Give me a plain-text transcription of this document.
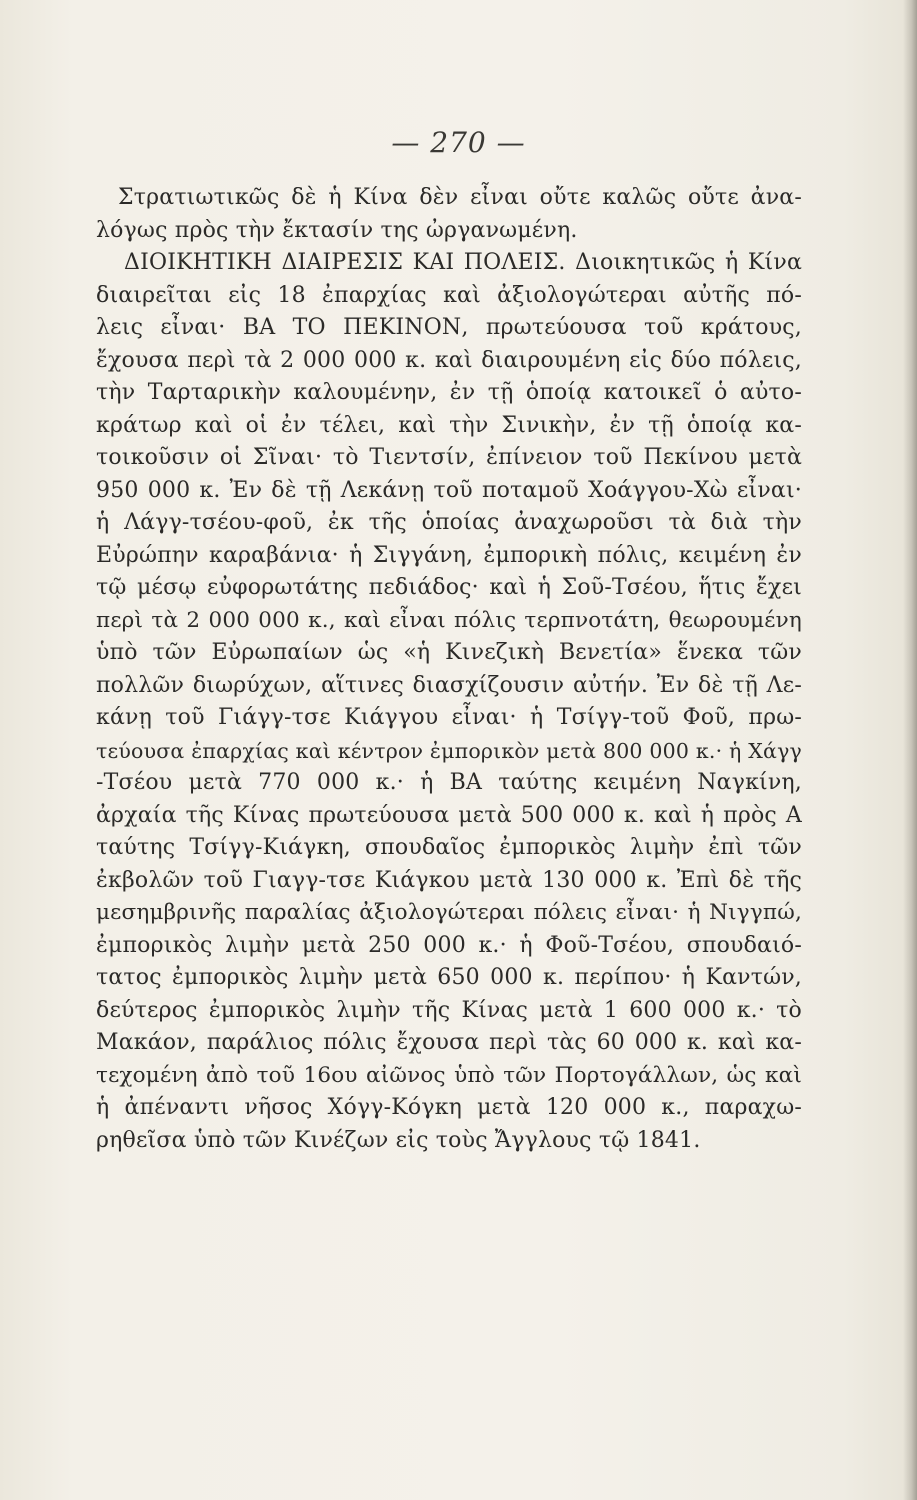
— 270 —
Στρατιωτικῶς δὲ ἡ Κίνα δὲν εἶναι οὔτε καλῶς οὔτε ἀνα-
λόγως πρὸς τὴν ἔκτασίν της ὠργανωμένη.
ΔΙΟΙΚΗΤΙΚΗ ΔΙΑΙΡΕΣΙΣ ΚΑΙ ΠΟΛΕΙΣ. Διοικητικῶς ἡ Κίνα
διαιρεῖται εἰς 18 ἐπαρχίας καὶ ἀξιολογώτεραι αὐτῆς πό-
λεις εἶναι· ΒΑ ΤΟ ΠΕΚΙΝΟΝ, πρωτεύουσα τοῦ κράτους,
ἔχουσα περὶ τὰ 2 000 000 κ. καὶ διαιρουμένη εἰς δύο πόλεις,
τὴν Ταρταρικὴν καλουμένην, ἐν τῇ ὁποίᾳ κατοικεῖ ὁ αὐτο-
κράτωρ καὶ οἱ ἐν τέλει, καὶ τὴν Σινικὴν, ἐν τῇ ὁποίᾳ κα-
τοικοῦσιν οἱ Σῖναι· τὸ Τιεντσίν, ἐπίνειον τοῦ Πεκίνου μετὰ
950 000 κ. Ἐν δὲ τῇ Λεκάνῃ τοῦ ποταμοῦ Χοάγγου-Χὼ εἶναι·
ἡ Λάγγ-τσέου-φοῦ, ἐκ τῆς ὁποίας ἀναχωροῦσι τὰ διὰ τὴν
Εὐρώπην καραβάνια· ἡ Σιγγάνη, ἐμπορικὴ πόλις, κειμένη ἐν
τῷ μέσῳ εὐφορωτάτης πεδιάδος· καὶ ἡ Σοῦ-Τσέου, ἥτις ἔχει
περὶ τὰ 2 000 000 κ., καὶ εἶναι πόλις τερπνοτάτη, θεωρουμένη
ὑπὸ τῶν Εὐρωπαίων ὡς «ἡ Κινεζικὴ Βενετία» ἕνεκα τῶν
πολλῶν διωρύχων, αἵτινες διασχίζουσιν αὐτήν. Ἐν δὲ τῇ Λε-
κάνῃ τοῦ Γιάγγ-τσε Κιάγγου εἶναι· ἡ Τσίγγ-τοῦ Φοῦ, πρω-
τεύουσα ἐπαρχίας καὶ κέντρον ἐμπορικὸν μετὰ 800 000 κ.· ἡ Χάγγ
-Τσέου μετὰ 770 000 κ.· ἡ ΒΑ ταύτης κειμένη Ναγκίνη,
ἀρχαία τῆς Κίνας πρωτεύουσα μετὰ 500 000 κ. καὶ ἡ πρὸς Α
ταύτης Τσίγγ-Κιάγκη, σπουδαῖος ἐμπορικὸς λιμὴν ἐπὶ τῶν
ἐκβολῶν τοῦ Γιαγγ-τσε Κιάγκου μετὰ 130 000 κ. Ἐπὶ δὲ τῆς
μεσημβρινῆς παραλίας ἀξιολογώτεραι πόλεις εἶναι· ἡ Νιγγπώ,
ἐμπορικὸς λιμὴν μετὰ 250 000 κ.· ἡ Φοῦ-Τσέου, σπουδαιό-
τατος ἐμπορικὸς λιμὴν μετὰ 650 000 κ. περίπου· ἡ Καντών,
δεύτερος ἐμπορικὸς λιμὴν τῆς Κίνας μετὰ 1 600 000 κ.· τὸ
Μακάον, παράλιος πόλις ἔχουσα περὶ τὰς 60 000 κ. καὶ κα-
τεχομένη ἀπὸ τοῦ 16ου αἰῶνος ὑπὸ τῶν Πορτογάλλων, ὡς καὶ
ἡ ἀπέναντι νῆσος Χόγγ-Κόγκη μετὰ 120 000 κ., παραχω-
ρηθεῖσα ὑπὸ τῶν Κινέζων εἰς τοὺς Ἄγγλους τῷ 1841.
